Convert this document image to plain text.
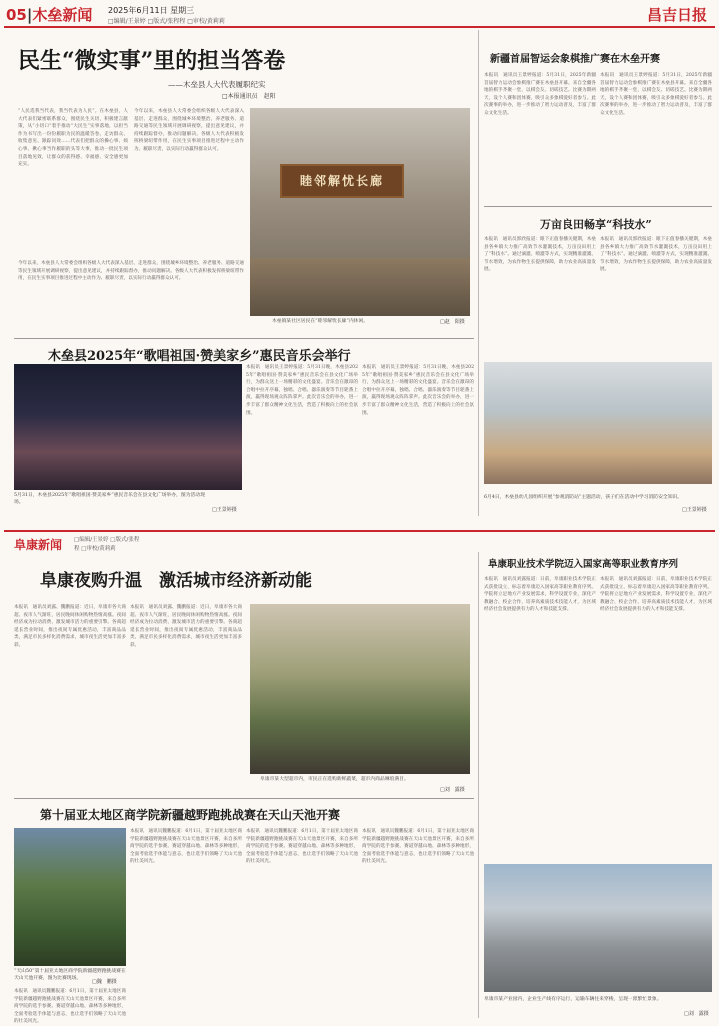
05|木垒新闻 2025年6月11日 星期三
□编辑/王景婷 □版式/张程程 □审校/黄莉莉	昌吉日报
民生“微实事”里的担当答卷
——木垒县人大代表履职纪实
□本报通讯员　赵阳
“人民选我当代表，我当代表为人民”。在木垒县，人大代表们紧密联系群众，围绕民生关切，积极建言献策，从“小切口”着手推动“大民生”实事落地，以担当作为书写出一份份履职为民的温暖答卷。走访群众、收集意见、跟踪问效……代表们把群众的操心事、烦心事、揪心事当作履职的头等大事，推动一批民生项目落地见效，让群众的获得感、幸福感、安全感更加充实。
今年以来，木垒县人大常委会组织各级人大代表深入基层、走进群众，围绕城乡环境整治、养老服务、道路交通等民生领域开展调研视察，提出意见建议，并持续跟踪督办，推动问题解决。各级人大代表积极发挥桥梁纽带作用，在民生实事项目推进过程中主动作为、履职尽责，以实际行动赢得群众认可。
今年以来，木垒县人大常委会组织各级人大代表深入基层、走进群众，围绕城乡环境整治、养老服务、道路交通等民生领域开展调研视察，提出意见建议，并持续跟踪督办，推动问题解决。各级人大代表积极发挥桥梁纽带作用，在民生实事项目推进过程中主动作为、履职尽责，以实际行动赢得群众认可。
睦邻解忧长廊
木垒镇某社区居民在“睦邻解忧长廊”内休闲。	□赵　阳摄
新疆首届智运会象棋推广赛在木垒开赛
本报讯　通讯员王景婷报道：5月31日，2025年新疆首届智力运动会象棋推广赛在木垒县开幕。来自全疆各地的棋手齐聚一堂，以棋会友、切磋技艺。比赛为期两天，设个人赛和团体赛，吸引众多象棋爱好者参与。此次赛事的举办，进一步推动了智力运动普及，丰富了群众文化生活。
本报讯　通讯员王景婷报道：5月31日，2025年新疆首届智力运动会象棋推广赛在木垒县开幕。来自全疆各地的棋手齐聚一堂，以棋会友、切磋技艺。比赛为期两天，设个人赛和团体赛，吸引众多象棋爱好者参与。此次赛事的举办，进一步推动了智力运动普及，丰富了群众文化生活。
万亩良田畅享“科技水”
本报讯　通讯员郭欣报道：眼下正值春播关键期，木垒县各乡镇大力推广高效节水灌溉技术，万亩良田用上了“科技水”。通过滴灌、喷灌等方式，实现精准灌溉、节水增效，为农作物生长提供保障，助力农业高质量发展。
本报讯　通讯员郭欣报道：眼下正值春播关键期，木垒县各乡镇大力推广高效节水灌溉技术，万亩良田用上了“科技水”。通过滴灌、喷灌等方式，实现精准灌溉、节水增效，为农作物生长提供保障，助力农业高质量发展。
木垒县2025年“歌唱祖国·赞美家乡”惠民音乐会举行
5月31日，木垒县2025年“歌唱祖国·赞美家乡”惠民音乐会在县文化广场举办，图为活动现场。
□王景婷摄
本报讯　通讯员王景婷报道：5月31日晚，木垒县2025年“歌唱祖国·赞美家乡”惠民音乐会在县文化广场举行，为群众送上一场精彩的文化盛宴。音乐会在激昂的合唱中拉开序幕，独唱、合唱、器乐演奏等节目轮番上演，赢得现场观众阵阵掌声。此次音乐会的举办，进一步丰富了群众精神文化生活，营造了积极向上的社会氛围。
本报讯　通讯员王景婷报道：5月31日晚，木垒县2025年“歌唱祖国·赞美家乡”惠民音乐会在县文化广场举行，为群众送上一场精彩的文化盛宴。音乐会在激昂的合唱中拉开序幕，独唱、合唱、器乐演奏等节目轮番上演，赢得现场观众阵阵掌声。此次音乐会的举办，进一步丰富了群众精神文化生活，营造了积极向上的社会氛围。
6月4日，木垒县幼儿园组织开展“参观消防站”主题活动，孩子们在活动中学习消防安全知识。
□王景婷摄
阜康新闻 □编辑/王景婷 □版式/张程程 □审校/黄莉莉
阜康夜购升温　激活城市经济新动能
本报讯　通讯员刘露、魏鹏报道：近日，阜康市各大商超、夜市人气渐旺，居民晚间休闲购物热情高涨。夜间经济成为拉动消费、激发城市活力的重要引擎。各商超延长营业时间，推出夜间专属优惠活动，丰富商品品类，满足市民多样化消费需求，城市夜生活更加丰富多彩。
本报讯　通讯员刘露、魏鹏报道：近日，阜康市各大商超、夜市人气渐旺，居民晚间休闲购物热情高涨。夜间经济成为拉动消费、激发城市活力的重要引擎。各商超延长营业时间，推出夜间专属优惠活动，丰富商品品类，满足市民多样化消费需求，城市夜生活更加丰富多彩。
阜康市某大型超市内，市民正在选购新鲜蔬菜，超市内商品琳琅满目。
□刘　露摄
第十届亚太地区商学院新疆越野跑挑战赛在天山天池开赛
“天山50”第十届亚太地区商学院新疆越野跑挑战赛在天山天池开赛，图为比赛现场。
□魏　鹏摄
本报讯　通讯员魏鹏报道：6月1日，第十届亚太地区商学院新疆越野跑挑战赛在天山天池景区开赛，来自多所商学院的选手参赛。赛道穿越山地、森林等多种地形，全面考验选手体能与意志，也让选手们领略了天山天池的壮美风光。
本报讯　通讯员魏鹏报道：6月1日，第十届亚太地区商学院新疆越野跑挑战赛在天山天池景区开赛，来自多所商学院的选手参赛。赛道穿越山地、森林等多种地形，全面考验选手体能与意志，也让选手们领略了天山天池的壮美风光。
本报讯　通讯员魏鹏报道：6月1日，第十届亚太地区商学院新疆越野跑挑战赛在天山天池景区开赛，来自多所商学院的选手参赛。赛道穿越山地、森林等多种地形，全面考验选手体能与意志，也让选手们领略了天山天池的壮美风光。
本报讯　通讯员魏鹏报道：6月1日，第十届亚太地区商学院新疆越野跑挑战赛在天山天池景区开赛，来自多所商学院的选手参赛。赛道穿越山地、森林等多种地形，全面考验选手体能与意志，也让选手们领略了天山天池的壮美风光。
阜康职业技术学院迈入国家高等职业教育序列
本报讯　通讯员刘露报道：日前，阜康职业技术学院正式获批设立，标志着阜康迈入国家高等职业教育序列。学院将立足地方产业发展需求，科学设置专业，深化产教融合、校企合作，培养高素质技术技能人才，为区域经济社会发展提供有力的人才和技能支撑。
本报讯　通讯员刘露报道：日前，阜康职业技术学院正式获批设立，标志着阜康迈入国家高等职业教育序列。学院将立足地方产业发展需求，科学设置专业，深化产教融合、校企合作，培养高素质技术技能人才，为区域经济社会发展提供有力的人才和技能支撑。
阜康市某产业园内，企业生产线有序运行，运输车辆往来穿梭，呈现一派繁忙景象。
□刘　露摄
